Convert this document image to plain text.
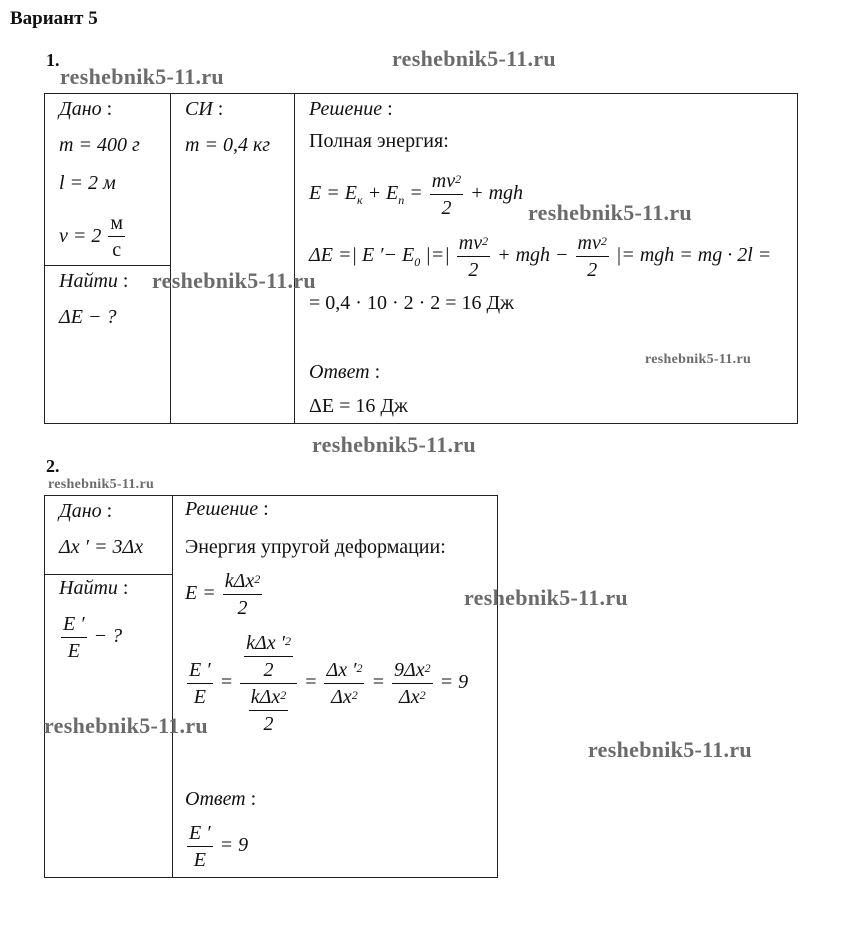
Вариант 5
1.
Дано :
m = 400 г
l = 2 м
$v = 2 \frac{м}{с}$

СИ :
m = 0,4 кг

Решение :
Полная энергия:
$E = E_к + E_п = \frac{mv^2}{2}$ + mgh
ΔE =| E ′− $E_0$ |=| $\frac{mv^2}{2}$ + mgh − $\frac{mv^2}{2}$ |= mgh = mg · 2l =
= 0,4 · 10 · 2 · 2 = 16 Дж
Ответ :
ΔE = 16 Дж

Найти :
ΔE − ?
2.
Дано :
Δx ′ = 3Δx

Решение :
Энергия упругой деформации:
$E = \frac{k\Delta x^2}{2}$
$\frac{E '}{E} = \frac{\frac{k\Delta x '^2}{2}}{\frac{k\Delta x^2}{2}} = \frac{\Delta x '^2}{\Delta x^2} = \frac{9\Delta x^2}{\Delta x^2} = 9$
Ответ :
$\frac{E '}{E} = 9$

Найти :
$\frac{E '}{E}$ − ?
reshebnik5-11.ru
reshebnik5-11.ru
reshebnik5-11.ru
reshebnik5-11.ru
reshebnik5-11.ru
reshebnik5-11.ru
reshebnik5-11.ru
reshebnik5-11.ru
reshebnik5-11.ru
reshebnik5-11.ru
